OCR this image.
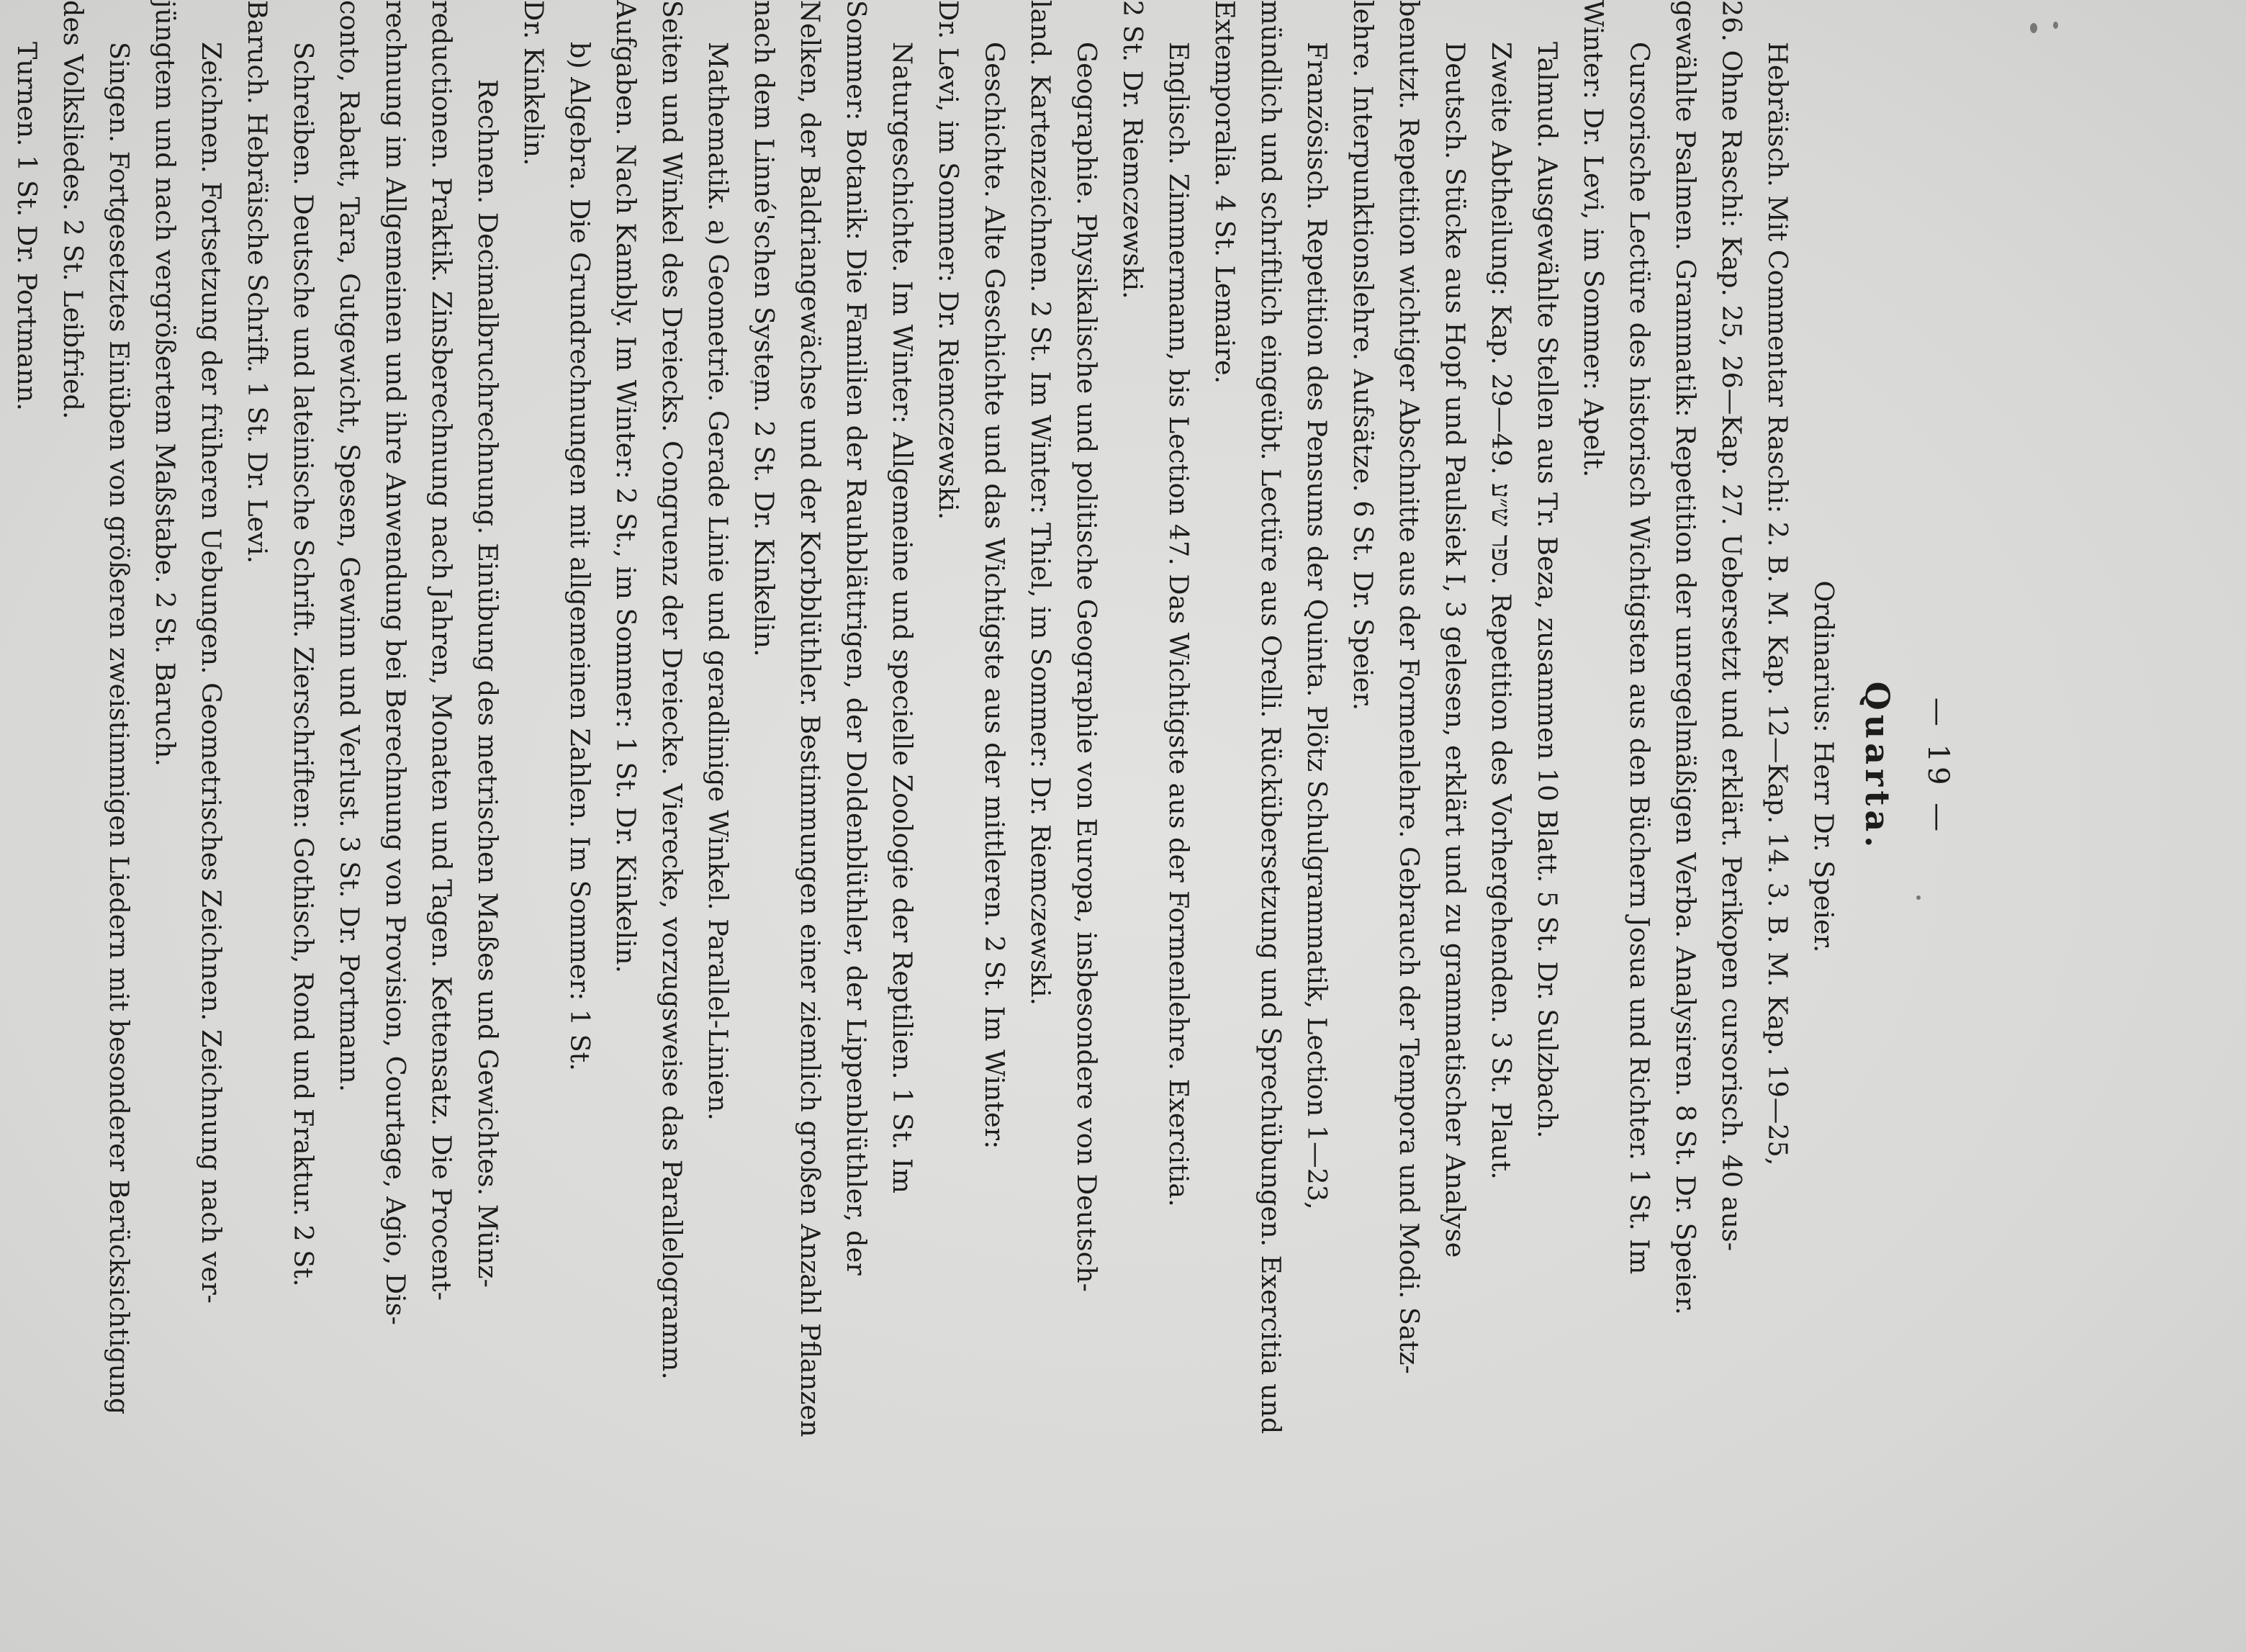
— 19 —
Quarta.
Ordinarius: Herr Dr. Speier.
Hebräisch. Mit Commentar Raschi: 2. B. M. Kap. 12—Kap. 14. 3. B. M. Kap. 19—25,
26. Ohne Raschi: Kap. 25, 26—Kap. 27. Uebersetzt und erklärt. Perikopen cursorisch. 40 aus-
gewählte Psalmen. Grammatik: Repetition der unregelmäßigen Verba. Analysiren. 8 St. Dr. Speier.
Cursorische Lectüre des historisch Wichtigsten aus den Büchern Josua und Richter. 1 St. Im
Winter: Dr. Levi, im Sommer: Apelt.
Talmud. Ausgewählte Stellen aus Tr. Beza, zusammen 10 Blatt. 5 St. Dr. Sulzbach.
Zweite Abtheilung: Kap. 29—49. ספר ש״ע. Repetition des Vorhergehenden. 3 St. Plaut.
Deutsch. Stücke aus Hopf und Paulsiek I, 3 gelesen, erklärt und zu grammatischer Analyse
benutzt. Repetition wichtiger Abschnitte aus der Formenlehre. Gebrauch der Tempora und Modi. Satz-
lehre. Interpunktionslehre. Aufsätze. 6 St. Dr. Speier.
Französisch. Repetition des Pensums der Quinta. Plötz Schulgrammatik, Lection 1—23,
mündlich und schriftlich eingeübt. Lectüre aus Orelli. Rückübersetzung und Sprechübungen. Exercitia und
Extemporalia. 4 St. Lemaire.
Englisch. Zimmermann, bis Lection 47. Das Wichtigste aus der Formenlehre. Exercitia.
2 St. Dr. Riemczewski.
Geographie. Physikalische und politische Geographie von Europa, insbesondere von Deutsch-
land. Kartenzeichnen. 2 St. Im Winter: Thiel, im Sommer: Dr. Riemczewski.
Geschichte. Alte Geschichte und das Wichtigste aus der mittleren. 2 St. Im Winter:
Dr. Levi, im Sommer: Dr. Riemczewski.
Naturgeschichte. Im Winter: Allgemeine und specielle Zoologie der Reptilien. 1 St. Im
Sommer: Botanik: Die Familien der Rauhblättrigen, der Doldenblüthler, der Lippenblüthler, der
Nelken, der Baldriangewächse und der Korbblüthler. Bestimmungen einer ziemlich großen Anzahl Pflanzen
nach dem Linné'schen System. 2 St. Dr. Kinkelin.
Mathematik. a) Geometrie. Gerade Linie und geradlinige Winkel. Parallel-Linien.
Seiten und Winkel des Dreiecks. Congruenz der Dreiecke. Vierecke, vorzugsweise das Parallelogramm.
Aufgaben. Nach Kambly. Im Winter: 2 St., im Sommer: 1 St. Dr. Kinkelin.
b) Algebra. Die Grundrechnungen mit allgemeinen Zahlen. Im Sommer: 1 St.
Dr. Kinkelin.
Rechnen. Decimalbruchrechnung. Einübung des metrischen Maßes und Gewichtes. Münz-
reductionen. Praktik. Zinsberechnung nach Jahren, Monaten und Tagen. Kettensatz. Die Procent-
rechnung im Allgemeinen und ihre Anwendung bei Berechnung von Provision, Courtage, Agio, Dis-
conto, Rabatt, Tara, Gutgewicht, Spesen, Gewinn und Verlust. 3 St. Dr. Portmann.
Schreiben. Deutsche und lateinische Schrift. Zierschriften: Gothisch, Rond und Fraktur. 2 St.
Baruch. Hebräische Schrift. 1 St. Dr. Levi.
Zeichnen. Fortsetzung der früheren Uebungen. Geometrisches Zeichnen. Zeichnung nach ver-
jüngtem und nach vergrößertem Maßstabe. 2 St. Baruch.
Singen. Fortgesetztes Einüben von größeren zweistimmigen Liedern mit besonderer Berücksichtigung
des Volksliedes. 2 St. Leibfried.
Turnen. 1 St. Dr. Portmann.
